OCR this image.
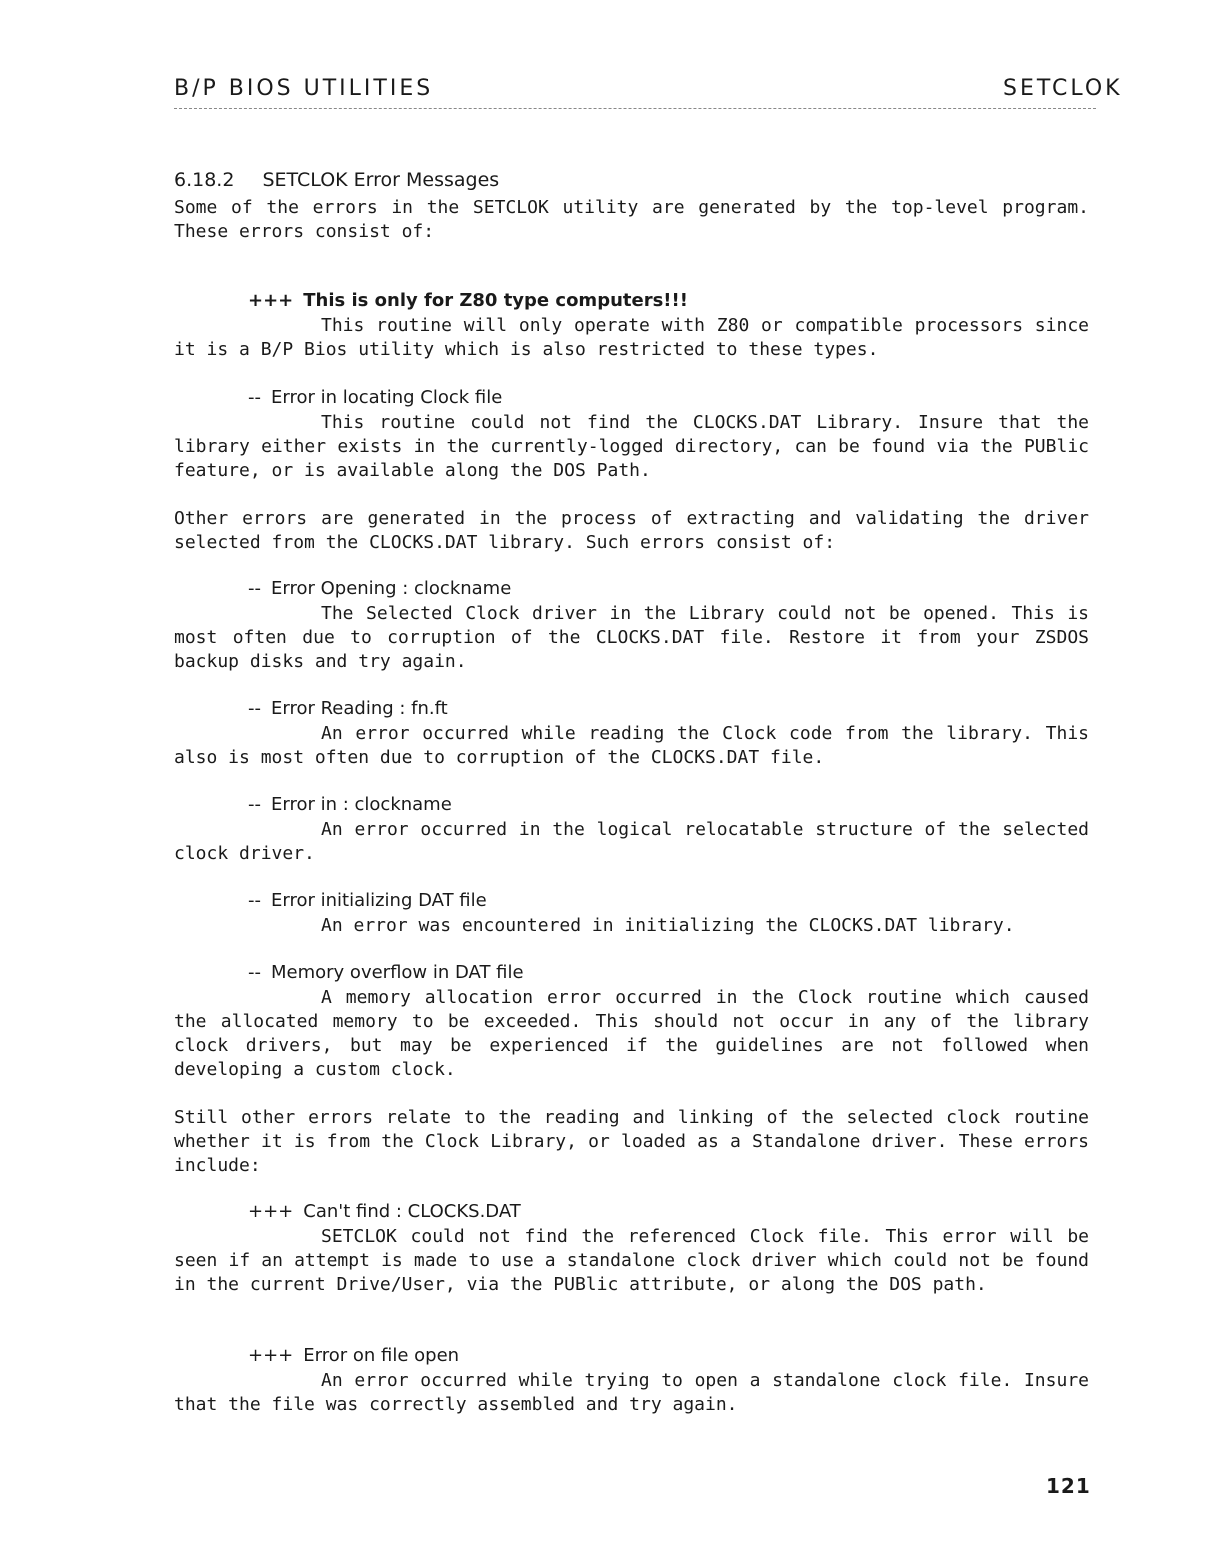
B/P BIOS UTILITIES	SETCLOK
6.18.2 SETCLOK Error Messages
Some of the errors in the SETCLOK utility are generated by the top-level program. These errors consist of:
+++ This is only for Z80 type computers!!!
This routine will only operate with Z80 or compatible processors since it is a B/P Bios utility which is also restricted to these types.
-- Error in locating Clock file
This routine could not find the CLOCKS.DAT Library. Insure that the library either exists in the currently-logged directory, can be found via the PUBlic feature, or is available along the DOS Path.
Other errors are generated in the process of extracting and validating the driver selected from the CLOCKS.DAT library. Such errors consist of:
-- Error Opening : clockname
The Selected Clock driver in the Library could not be opened. This is most often due to corruption of the CLOCKS.DAT file. Restore it from your ZSDOS backup disks and try again.
-- Error Reading : fn.ft
An error occurred while reading the Clock code from the library. This also is most often due to corruption of the CLOCKS.DAT file.
-- Error in : clockname
An error occurred in the logical relocatable structure of the selected clock driver.
-- Error initializing DAT file
An error was encountered in initializing the CLOCKS.DAT library.
-- Memory overflow in DAT file
A memory allocation error occurred in the Clock routine which caused the allocated memory to be exceeded. This should not occur in any of the library clock drivers, but may be experienced if the guidelines are not followed when developing a custom clock.
Still other errors relate to the reading and linking of the selected clock routine whether it is from the Clock Library, or loaded as a Standalone driver. These errors include:
+++ Can't find : CLOCKS.DAT
SETCLOK could not find the referenced Clock file. This error will be seen if an attempt is made to use a standalone clock driver which could not be found in the current Drive/User, via the PUBlic attribute, or along the DOS path.
+++ Error on file open
An error occurred while trying to open a standalone clock file. Insure that the file was correctly assembled and try again.
121
